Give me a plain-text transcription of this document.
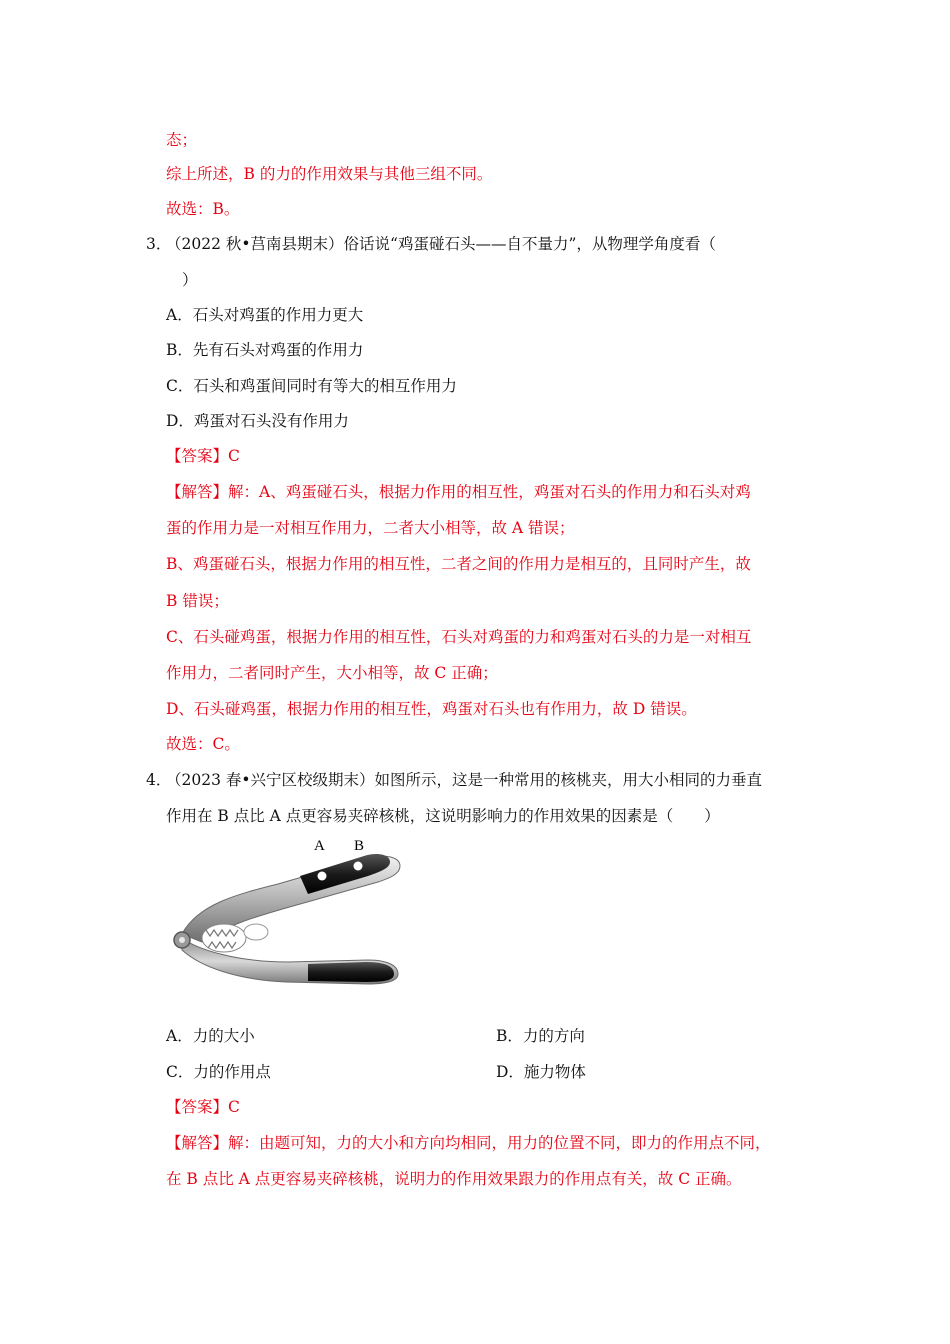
态；
综上所述，B 的力的作用效果与其他三组不同。
故选：B。
3．
（2022 秋•莒南县期末）俗话说“鸡蛋碰石头——自不量力”，从物理学角度看（
）
A．石头对鸡蛋的作用力更大
B．先有石头对鸡蛋的作用力
C．石头和鸡蛋间同时有等大的相互作用力
D．鸡蛋对石头没有作用力
【答案】C
【解答】解：A、鸡蛋碰石头，根据力作用的相互性，鸡蛋对石头的作用力和石头对鸡
蛋的作用力是一对相互作用力，二者大小相等，故 A 错误；
B、鸡蛋碰石头，根据力作用的相互性，二者之间的作用力是相互的，且同时产生，故
B 错误；
C、石头碰鸡蛋，根据力作用的相互性，石头对鸡蛋的力和鸡蛋对石头的力是一对相互
作用力，二者同时产生，大小相等，故 C 正确；
D、石头碰鸡蛋，根据力作用的相互性，鸡蛋对石头也有作用力，故 D 错误。
故选：C。
4．
（2023 春•兴宁区校级期末）如图所示，这是一种常用的核桃夹，用大小相同的力垂直
作用在 B 点比 A 点更容易夹碎核桃，这说明影响力的作用效果的因素是（　　）
A B
A．力的大小	B．力的方向
C．力的作用点	D．施力物体
【答案】C
【解答】解：由题可知，力的大小和方向均相同，用力的位置不同，即力的作用点不同，
在 B 点比 A 点更容易夹碎核桃，说明力的作用效果跟力的作用点有关，故 C 正确。
